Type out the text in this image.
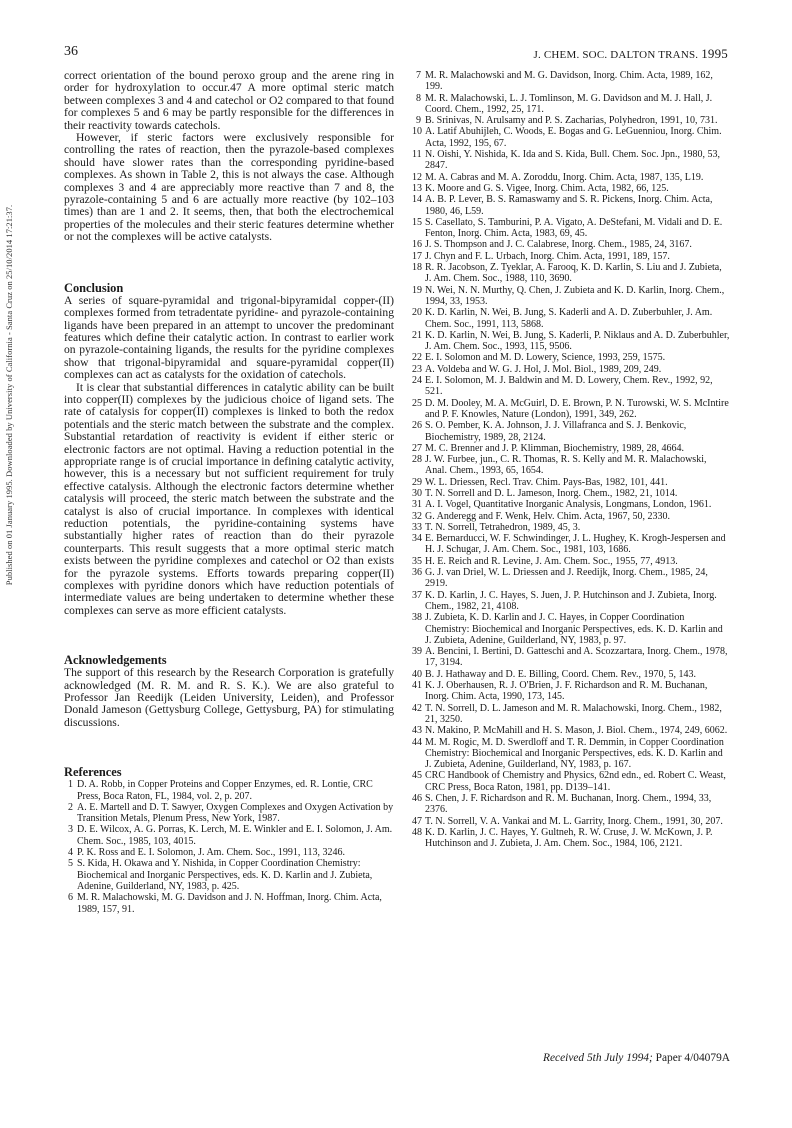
Published on 01 January 1995. Downloaded by University of California - Santa Cruz on 25/10/2014 17:21:37.
36	J. CHEM. SOC. DALTON TRANS. 1995

correct orientation of the bound peroxo group and the arene ring in order for hydroxylation to occur.47 A more optimal steric match between complexes 3 and 4 and catechol or O2 compared to that found for complexes 5 and 6 may be partly responsible for the differences in their reactivity towards catechols.

However, if steric factors were exclusively responsible for controlling the rates of reaction, then the pyrazole-based complexes should have slower rates than the corresponding pyridine-based complexes. As shown in Table 2, this is not always the case. Although complexes 3 and 4 are appreciably more reactive than 7 and 8, the pyrazole-containing 5 and 6 are actually more reactive (by 102–103 times) than are 1 and 2. It seems, then, that both the electrochemical properties of the molecules and their steric features determine whether or not the complexes will be active catalysts.

Conclusion

A series of square-pyramidal and trigonal-bipyramidal copper-(II) complexes formed from tetradentate pyridine- and pyrazole-containing ligands have been prepared in an attempt to uncover the predominant features which define their catalytic action. In contrast to earlier work on pyrazole-containing ligands, the results for the pyridine complexes show that trigonal-bipyramidal and square-pyramidal copper(II) complexes can act as catalysts for the oxidation of catechols.

It is clear that substantial differences in catalytic ability can be built into copper(II) complexes by the judicious choice of ligand sets. The rate of catalysis for copper(II) complexes is linked to both the redox potentials and the steric match between the substrate and the complex. Substantial retardation of reactivity is evident if either steric or electronic factors are not optimal. Having a reduction potential in the appropriate range is of crucial importance in defining catalytic activity, however, this is a necessary but not sufficient requirement for truly effective catalysis. Although the electronic factors determine whether catalysis will proceed, the steric match between the substrate and the catalyst is also of crucial importance. In complexes with identical reduction potentials, the pyridine-containing systems have substantially higher rates of reaction than do their pyrazole counterparts. This result suggests that a more optimal steric match exists between the pyridine complexes and catechol or O2 than exists for the pyrazole systems. Efforts towards preparing copper(II) complexes with pyridine donors which have reduction potentials of intermediate values are being undertaken to determine whether these complexes can serve as more efficient catalysts.

Acknowledgements

The support of this research by the Research Corporation is gratefully acknowledged (M. R. M. and R. S. K.). We are also grateful to Professor Jan Reedijk (Leiden University, Leiden), and Professor Donald Jameson (Gettysburg College, Gettysburg, PA) for stimulating discussions.

References
1 D. A. Robb, in Copper Proteins and Copper Enzymes, ed. R. Lontie, CRC Press, Boca Raton, FL, 1984, vol. 2, p. 207.
2 A. E. Martell and D. T. Sawyer, Oxygen Complexes and Oxygen Activation by Transition Metals, Plenum Press, New York, 1987.
3 D. E. Wilcox, A. G. Porras, K. Lerch, M. E. Winkler and E. I. Solomon, J. Am. Chem. Soc., 1985, 103, 4015.
4 P. K. Ross and E. I. Solomon, J. Am. Chem. Soc., 1991, 113, 3246.
5 S. Kida, H. Okawa and Y. Nishida, in Copper Coordination Chemistry: Biochemical and Inorganic Perspectives, eds. K. D. Karlin and J. Zubieta, Adenine, Guilderland, NY, 1983, p. 425.
6 M. R. Malachowski, M. G. Davidson and J. N. Hoffman, Inorg. Chim. Acta, 1989, 157, 91.
7 M. R. Malachowski and M. G. Davidson, Inorg. Chim. Acta, 1989, 162, 199.
8 M. R. Malachowski, L. J. Tomlinson, M. G. Davidson and M. J. Hall, J. Coord. Chem., 1992, 25, 171.
9 B. Srinivas, N. Arulsamy and P. S. Zacharias, Polyhedron, 1991, 10, 731.
10 A. Latif Abuhijleh, C. Woods, E. Bogas and G. LeGuenniou, Inorg. Chim. Acta, 1992, 195, 67.
11 N. Oishi, Y. Nishida, K. Ida and S. Kida, Bull. Chem. Soc. Jpn., 1980, 53, 2847.
12 M. A. Cabras and M. A. Zoroddu, Inorg. Chim. Acta, 1987, 135, L19.
13 K. Moore and G. S. Vigee, Inorg. Chim. Acta, 1982, 66, 125.
14 A. B. P. Lever, B. S. Ramaswamy and S. R. Pickens, Inorg. Chim. Acta, 1980, 46, L59.
15 S. Casellato, S. Tamburini, P. A. Vigato, A. DeStefani, M. Vidali and D. E. Fenton, Inorg. Chim. Acta, 1983, 69, 45.
16 J. S. Thompson and J. C. Calabrese, Inorg. Chem., 1985, 24, 3167.
17 J. Chyn and F. L. Urbach, Inorg. Chim. Acta, 1991, 189, 157.
18 R. R. Jacobson, Z. Tyeklar, A. Farooq, K. D. Karlin, S. Liu and J. Zubieta, J. Am. Chem. Soc., 1988, 110, 3690.
19 N. Wei, N. N. Murthy, Q. Chen, J. Zubieta and K. D. Karlin, Inorg. Chem., 1994, 33, 1953.
20 K. D. Karlin, N. Wei, B. Jung, S. Kaderli and A. D. Zuberbuhler, J. Am. Chem. Soc., 1991, 113, 5868.
21 K. D. Karlin, N. Wei, B. Jung, S. Kaderli, P. Niklaus and A. D. Zuberbuhler, J. Am. Chem. Soc., 1993, 115, 9506.
22 E. I. Solomon and M. D. Lowery, Science, 1993, 259, 1575.
23 A. Voldeba and W. G. J. Hol, J. Mol. Biol., 1989, 209, 249.
24 E. I. Solomon, M. J. Baldwin and M. D. Lowery, Chem. Rev., 1992, 92, 521.
25 D. M. Dooley, M. A. McGuirl, D. E. Brown, P. N. Turowski, W. S. McIntire and P. F. Knowles, Nature (London), 1991, 349, 262.
26 S. O. Pember, K. A. Johnson, J. J. Villafranca and S. J. Benkovic, Biochemistry, 1989, 28, 2124.
27 M. C. Brenner and J. P. Klimman, Biochemistry, 1989, 28, 4664.
28 J. W. Furbee, jun., C. R. Thomas, R. S. Kelly and M. R. Malachowski, Anal. Chem., 1993, 65, 1654.
29 W. L. Driessen, Recl. Trav. Chim. Pays-Bas, 1982, 101, 441.
30 T. N. Sorrell and D. L. Jameson, Inorg. Chem., 1982, 21, 1014.
31 A. I. Vogel, Quantitative Inorganic Analysis, Longmans, London, 1961.
32 G. Anderegg and F. Wenk, Helv. Chim. Acta, 1967, 50, 2330.
33 T. N. Sorrell, Tetrahedron, 1989, 45, 3.
34 E. Bernarducci, W. F. Schwindinger, J. L. Hughey, K. Krogh-Jespersen and H. J. Schugar, J. Am. Chem. Soc., 1981, 103, 1686.
35 H. E. Reich and R. Levine, J. Am. Chem. Soc., 1955, 77, 4913.
36 G. J. van Driel, W. L. Driessen and J. Reedijk, Inorg. Chem., 1985, 24, 2919.
37 K. D. Karlin, J. C. Hayes, S. Juen, J. P. Hutchinson and J. Zubieta, Inorg. Chem., 1982, 21, 4108.
38 J. Zubieta, K. D. Karlin and J. C. Hayes, in Copper Coordination Chemistry: Biochemical and Inorganic Perspectives, eds. K. D. Karlin and J. Zubieta, Adenine, Guilderland, NY, 1983, p. 97.
39 A. Bencini, I. Bertini, D. Gatteschi and A. Scozzartara, Inorg. Chem., 1978, 17, 3194.
40 B. J. Hathaway and D. E. Billing, Coord. Chem. Rev., 1970, 5, 143.
41 K. J. Oberhausen, R. J. O'Brien, J. F. Richardson and R. M. Buchanan, Inorg. Chim. Acta, 1990, 173, 145.
42 T. N. Sorrell, D. L. Jameson and M. R. Malachowski, Inorg. Chem., 1982, 21, 3250.
43 N. Makino, P. McMahill and H. S. Mason, J. Biol. Chem., 1974, 249, 6062.
44 M. M. Rogic, M. D. Swerdloff and T. R. Demmin, in Copper Coordination Chemistry: Biochemical and Inorganic Perspectives, eds. K. D. Karlin and J. Zubieta, Adenine, Guilderland, NY, 1983, p. 167.
45 CRC Handbook of Chemistry and Physics, 62nd edn., ed. Robert C. Weast, CRC Press, Boca Raton, 1981, pp. D139–141.
46 S. Chen, J. F. Richardson and R. M. Buchanan, Inorg. Chem., 1994, 33, 2376.
47 T. N. Sorrell, V. A. Vankai and M. L. Garrity, Inorg. Chem., 1991, 30, 207.
48 K. D. Karlin, J. C. Hayes, Y. Gultneh, R. W. Cruse, J. W. McKown, J. P. Hutchinson and J. Zubieta, J. Am. Chem. Soc., 1984, 106, 2121.
Received 5th July 1994; Paper 4/04079A
